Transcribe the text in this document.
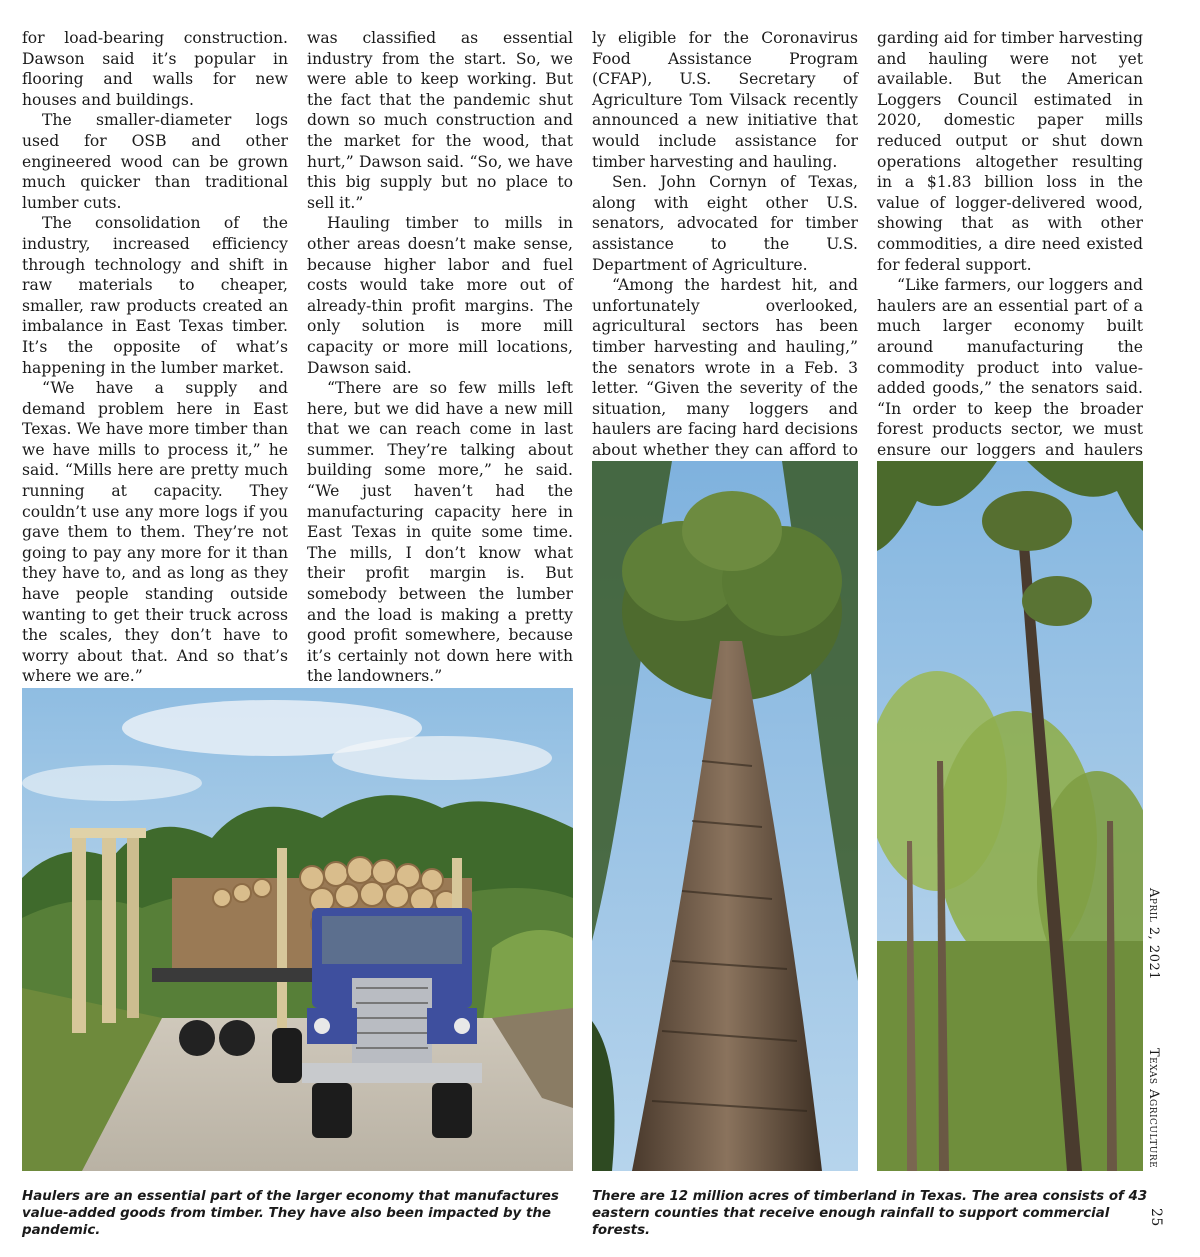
for load-bearing construction. Dawson said it’s popular in flooring and walls for new houses and buildings.

The smaller-diameter logs used for OSB and other engineered wood can be grown much quicker than traditional lumber cuts.

The consolidation of the industry, increased efficiency through technology and shift in raw materials to cheaper, smaller, raw products created an imbalance in East Texas timber. It’s the opposite of what’s happening in the lumber market.

“We have a supply and demand problem here in East Texas. We have more timber than we have mills to process it,” he said. “Mills here are pretty much running at capacity. They couldn’t use any more logs if you gave them to them. They’re not going to pay any more for it than they have to, and as long as they have people standing outside wanting to get their truck across the scales, they don’t have to worry about that. And so that’s where we are.”

was classified as essential industry from the start. So, we were able to keep working. But the fact that the pandemic shut down so much construction and the market for the wood, that hurt,” Dawson said. “So, we have this big supply but no place to sell it.”

Hauling timber to mills in other areas doesn’t make sense, because higher labor and fuel costs would take more out of already-thin profit margins. The only solution is more mill capacity or more mill locations, Dawson said.

“There are so few mills left here, but we did have a new mill that we can reach come in last summer. They’re talking about building some more,” he said. “We just haven’t had the manufacturing capacity here in East Texas in quite some time. The mills, I don’t know what their profit margin is. But somebody between the lumber and the load is making a pretty good profit somewhere, because it’s certainly not down here with the landowners.”

ly eligible for the Coronavirus Food Assistance Program (CFAP), U.S. Secretary of Agriculture Tom Vilsack recently announced a new initiative that would include assistance for timber harvesting and hauling.

Sen. John Cornyn of Texas, along with eight other U.S. senators, advocated for timber assistance to the U.S. Department of Agriculture.

“Among the hardest hit, and unfortunately overlooked, agricultural sectors has been timber harvesting and hauling,” the senators wrote in a Feb. 3 letter. “Given the severity of the situation, many loggers and haulers are facing hard decisions about whether they can afford to

garding aid for timber harvesting and hauling were not yet available. But the American Loggers Council estimated in 2020, domestic paper mills reduced output or shut down operations altogether resulting in a $1.83 billion loss in the value of logger-delivered wood, showing that as with other commodities, a dire need existed for federal support.

“Like farmers, our loggers and haulers are an essential part of a much larger economy built around manufacturing the commodity product into value-added goods,” the senators said. “In order to keep the broader forest products sector, we must ensure our loggers and haulers

Haulers are an essential part of the larger economy that manufactures value-added goods from timber. They have also been impacted by the pandemic.
There are 12 million acres of timberland in Texas. The area consists of 43 eastern counties that receive enough rainfall to support commercial forests.
April 2, 2021
Texas Agriculture
25
